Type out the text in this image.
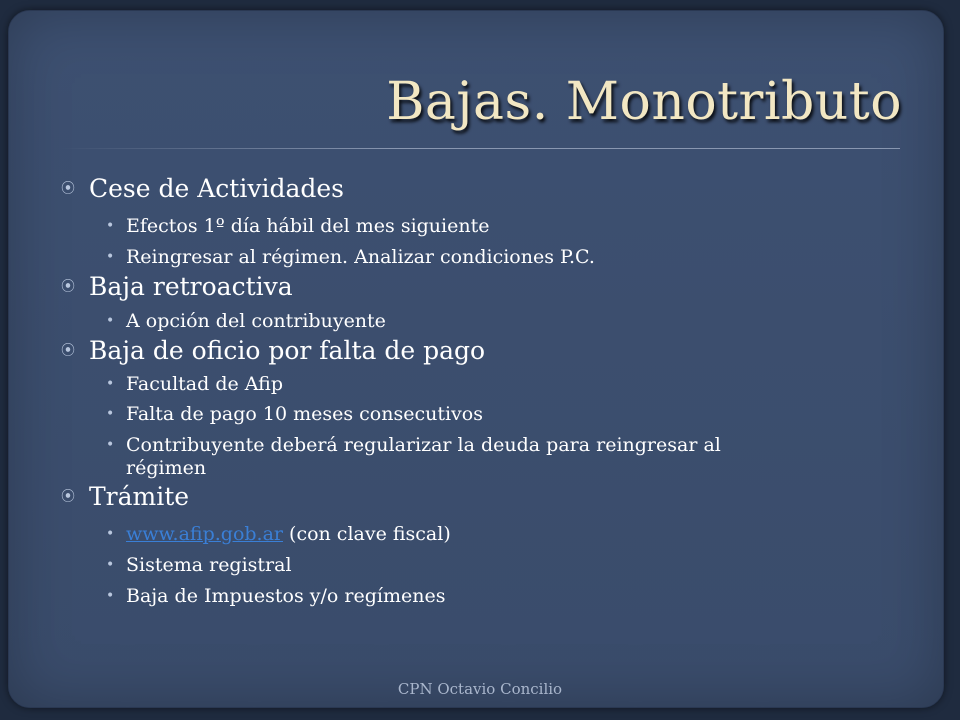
Bajas. Monotributo
⦿ Cese de Actividades
• Efectos 1º día hábil del mes siguiente
• Reingresar al régimen. Analizar condiciones P.C.
⦿ Baja retroactiva
• A opción del contribuyente
⦿ Baja de oficio por falta de pago
• Facultad de Afip
• Falta de pago 10 meses consecutivos
• Contribuyente deberá regularizar la deuda para reingresar al
régimen
⦿ Trámite
• www.afip.gob.ar (con clave fiscal)
• Sistema registral
• Baja de Impuestos y/o regímenes
CPN Octavio Concilio
